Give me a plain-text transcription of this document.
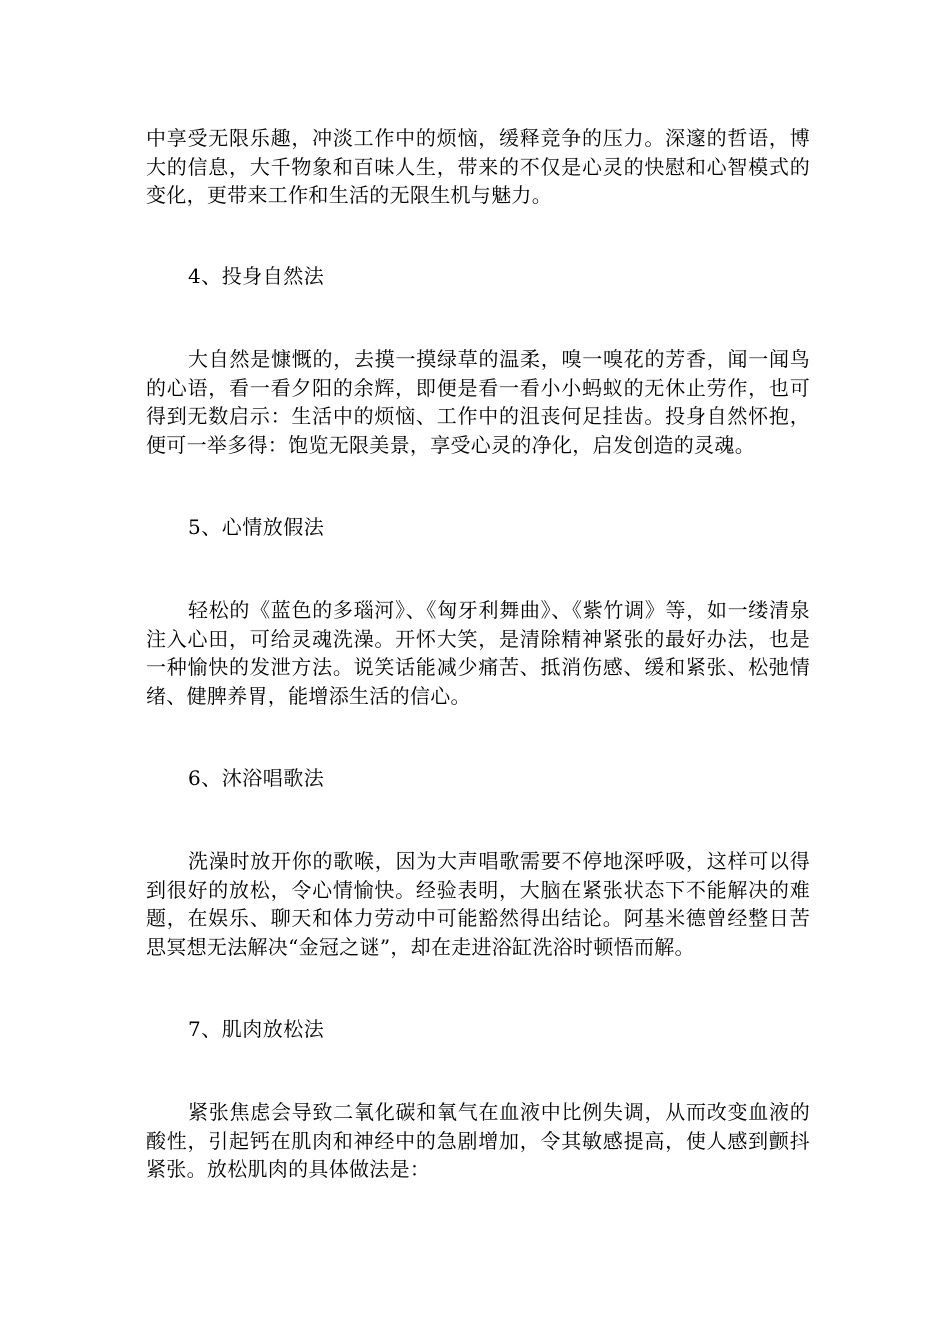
中享受无限乐趣，冲淡工作中的烦恼，缓释竞争的压力。深邃的哲语，博大的信息，大千物象和百味人生，带来的不仅是心灵的快慰和心智模式的变化，更带来工作和生活的无限生机与魅力。

4、投身自然法

大自然是慷慨的，去摸一摸绿草的温柔，嗅一嗅花的芳香，闻一闻鸟的心语，看一看夕阳的余辉，即便是看一看小小蚂蚁的无休止劳作，也可得到无数启示：生活中的烦恼、工作中的沮丧何足挂齿。投身自然怀抱，便可一举多得：饱览无限美景，享受心灵的净化，启发创造的灵魂。

5、心情放假法

轻松的《蓝色的多瑙河》、《匈牙利舞曲》、《紫竹调》等，如一缕清泉注入心田，可给灵魂洗澡。开怀大笑，是清除精神紧张的最好办法，也是一种愉快的发泄方法。说笑话能减少痛苦、抵消伤感、缓和紧张、松弛情绪、健脾养胃，能增添生活的信心。

6、沐浴唱歌法

洗澡时放开你的歌喉，因为大声唱歌需要不停地深呼吸，这样可以得到很好的放松，令心情愉快。经验表明，大脑在紧张状态下不能解决的难题，在娱乐、聊天和体力劳动中可能豁然得出结论。阿基米德曾经整日苦思冥想无法解决“金冠之谜”，却在走进浴缸洗浴时顿悟而解。

7、肌肉放松法

紧张焦虑会导致二氧化碳和氧气在血液中比例失调，从而改变血液的酸性，引起钙在肌肉和神经中的急剧增加，令其敏感提高，使人感到颤抖紧张。放松肌肉的具体做法是：
